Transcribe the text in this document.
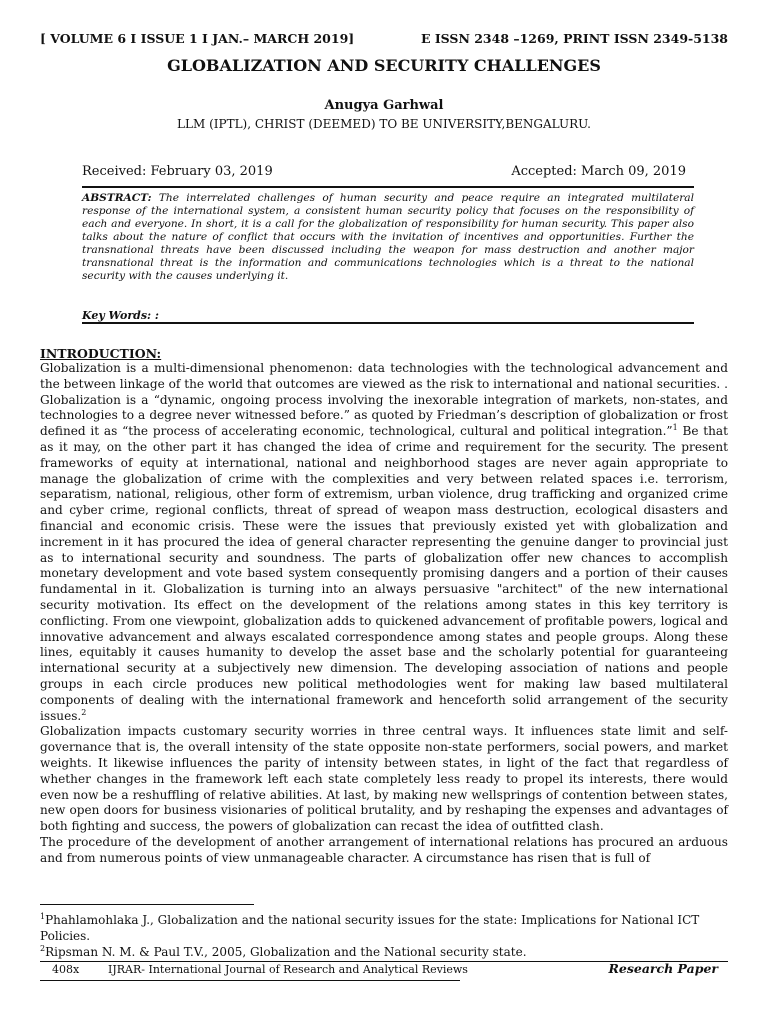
[ VOLUME 6 I ISSUE 1 I JAN.– MARCH 2019]	E ISSN 2348 –1269, PRINT ISSN 2349-5138
GLOBALIZATION AND SECURITY CHALLENGES
Anugya Garhwal
LLM (IPTL), CHRIST (DEEMED) TO BE UNIVERSITY,BENGALURU.
Received: February 03, 2019	Accepted: March 09, 2019
ABSTRACT: The interrelated challenges of human security and peace require an integrated multilateral response of the international system, a consistent human security policy that focuses on the responsibility of each and everyone. In short, it is a call for the globalization of responsibility for human security. This paper also talks about the nature of conflict that occurs with the invitation of incentives and opportunities. Further the transnational threats have been discussed including the weapon for mass destruction and another major transnational threat is the information and communications technologies which is a threat to the national security with the causes underlying it.
Key Words: :
INTRODUCTION:

Globalization is a multi-dimensional phenomenon: data technologies with the technological advancement and the between linkage of the world that outcomes are viewed as the risk to international and national securities. . Globalization is a “dynamic, ongoing process involving the inexorable integration of markets, non-states, and technologies to a degree never witnessed before.” as quoted by Friedman’s description of globalization or frost defined it as “the process of accelerating economic, technological, cultural and political integration.”$^1$ Be that as it may, on the other part it has changed the idea of crime and requirement for the security. The present frameworks of equity at international, national and neighborhood stages are never again appropriate to manage the globalization of crime with the complexities and very between related spaces i.e. terrorism, separatism, national, religious, other form of extremism, urban violence, drug trafficking and organized crime and cyber crime, regional conflicts, threat of spread of weapon mass destruction, ecological disasters and financial and economic crisis. These were the issues that previously existed yet with globalization and increment in it has procured the idea of general character representing the genuine danger to provincial just as to international security and soundness. The parts of globalization offer new chances to accomplish monetary development and vote based system consequently promising dangers and a portion of their causes fundamental in it. Globalization is turning into an always persuasive "architect" of the new international security motivation. Its effect on the development of the relations among states in this key territory is conflicting. From one viewpoint, globalization adds to quickened advancement of profitable powers, logical and innovative advancement and always escalated correspondence among states and people groups. Along these lines, equitably it causes humanity to develop the asset base and the scholarly potential for guaranteeing international security at a subjectively new dimension. The developing association of nations and people groups in each circle produces new political methodologies went for making law based multilateral components of dealing with the international framework and henceforth solid arrangement of the security issues.$^2$

Globalization impacts customary security worries in three central ways. It influences state limit and self-governance that is, the overall intensity of the state opposite non-state performers, social powers, and market weights. It likewise influences the parity of intensity between states, in light of the fact that regardless of whether changes in the framework left each state completely less ready to propel its interests, there would even now be a reshuffling of relative abilities. At last, by making new wellsprings of contention between states, new open doors for business visionaries of political brutality, and by reshaping the expenses and advantages of both fighting and success, the powers of globalization can recast the idea of outfitted clash.

The procedure of the development of another arrangement of international relations has procured an arduous and from numerous points of view unmanageable character. A circumstance has risen that is full of

$^1$Phahlamohlaka J., Globalization and the national security issues for the state: Implications for National ICT Policies.

$^2$Ripsman N. M. & Paul T.V., 2005, Globalization and the National security state.

408x	IJRAR- International Journal of Research and Analytical Reviews	Research Paper
